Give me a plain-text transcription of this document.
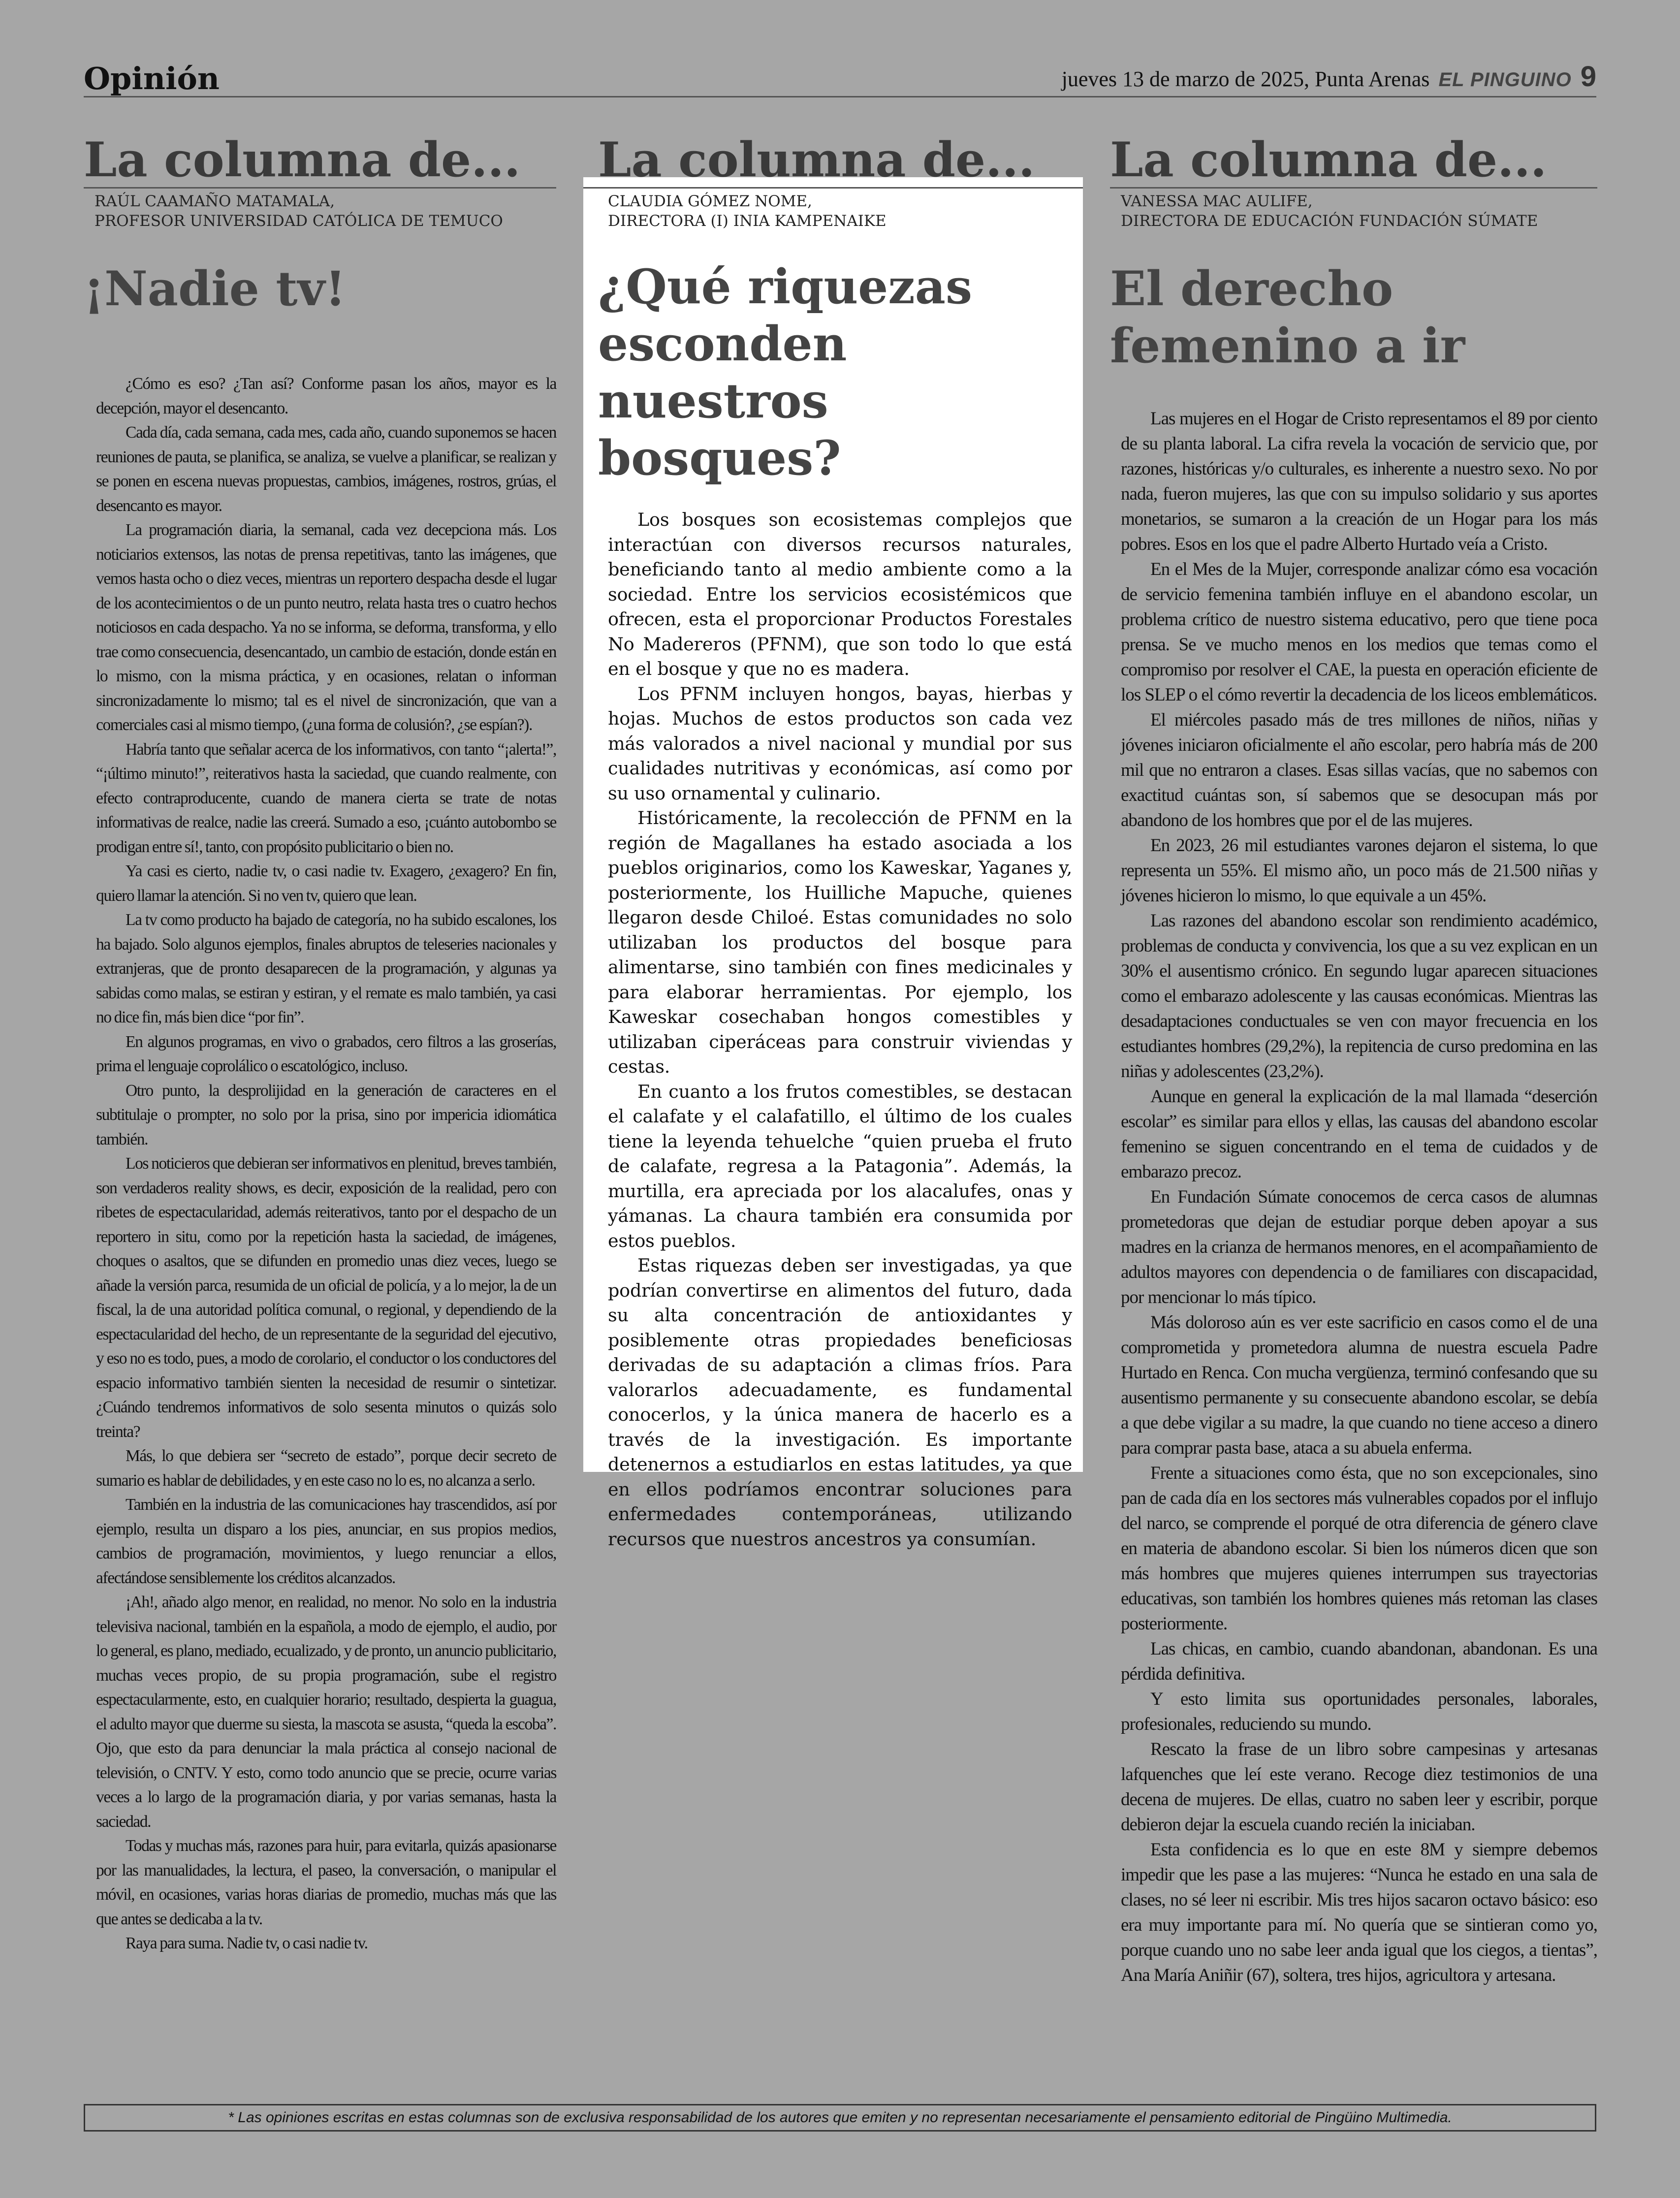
Opinión	jueves 13 de marzo de 2025, Punta Arenas EL PINGUINO 9
La columna de...
RAÚL CAAMAÑO MATAMALA,
PROFESOR UNIVERSIDAD CATÓLICA DE TEMUCO
¡Nadie tv!

¿Cómo es eso? ¿Tan así? Conforme pasan los años, mayor es la decepción, mayor el desencanto.

Cada día, cada semana, cada mes, cada año, cuando suponemos se hacen reuniones de pauta, se planifica, se analiza, se vuelve a planificar, se realizan y se ponen en escena nuevas propuestas, cambios, imágenes, rostros, grúas, el desencanto es mayor.

La programación diaria, la semanal, cada vez decepciona más. Los noticiarios extensos, las notas de prensa repetitivas, tanto las imágenes, que vemos hasta ocho o diez veces, mientras un reportero despacha desde el lugar de los acontecimientos o de un punto neutro, relata hasta tres o cuatro hechos noticiosos en cada despacho. Ya no se informa, se deforma, transforma, y ello trae como consecuencia, desencantado, un cambio de estación, donde están en lo mismo, con la misma práctica, y en ocasiones, relatan o informan sincronizadamente lo mismo; tal es el nivel de sincronización, que van a comerciales casi al mismo tiempo, (¿una forma de colusión?, ¿se espían?).

Habría tanto que señalar acerca de los informativos, con tanto “¡alerta!”, “¡último minuto!”, reiterativos hasta la saciedad, que cuando realmente, con efecto contraproducente, cuando de manera cierta se trate de notas informativas de realce, nadie las creerá. Sumado a eso, ¡cuánto autobombo se prodigan entre sí!, tanto, con propósito publicitario o bien no.

Ya casi es cierto, nadie tv, o casi nadie tv. Exagero, ¿exagero? En fin, quiero llamar la atención. Si no ven tv, quiero que lean.

La tv como producto ha bajado de categoría, no ha subido escalones, los ha bajado. Solo algunos ejemplos, finales abruptos de teleseries nacionales y extranjeras, que de pronto desaparecen de la programación, y algunas ya sabidas como malas, se estiran y estiran, y el remate es malo también, ya casi no dice fin, más bien dice “por fin”.

En algunos programas, en vivo o grabados, cero filtros a las groserías, prima el lenguaje coprolálico o escatológico, incluso.

Otro punto, la desprolijidad en la generación de caracteres en el subtitulaje o prompter, no solo por la prisa, sino por impericia idiomática también.

Los noticieros que debieran ser informativos en plenitud, breves también, son verdaderos reality shows, es decir, exposición de la realidad, pero con ribetes de espectacularidad, además reiterativos, tanto por el despacho de un reportero in situ, como por la repetición hasta la saciedad, de imágenes, choques o asaltos, que se difunden en promedio unas diez veces, luego se añade la versión parca, resumida de un oficial de policía, y a lo mejor, la de un fiscal, la de una autoridad política comunal, o regional, y dependiendo de la espectacularidad del hecho, de un representante de la seguridad del ejecutivo, y eso no es todo, pues, a modo de corolario, el conductor o los conductores del espacio informativo también sienten la necesidad de resumir o sintetizar. ¿Cuándo tendremos informativos de solo sesenta minutos o quizás solo treinta?

Más, lo que debiera ser “secreto de estado”, porque decir secreto de sumario es hablar de debilidades, y en este caso no lo es, no alcanza a serlo.

También en la industria de las comunicaciones hay trascendidos, así por ejemplo, resulta un disparo a los pies, anunciar, en sus propios medios, cambios de programación, movimientos, y luego renunciar a ellos, afectándose sensiblemente los créditos alcanzados.

¡Ah!, añado algo menor, en realidad, no menor. No solo en la industria televisiva nacional, también en la española, a modo de ejemplo, el audio, por lo general, es plano, mediado, ecualizado, y de pronto, un anuncio publicitario, muchas veces propio, de su propia programación, sube el registro espectacularmente, esto, en cualquier horario; resultado, despierta la guagua, el adulto mayor que duerme su siesta, la mascota se asusta, “queda la escoba”. Ojo, que esto da para denunciar la mala práctica al consejo nacional de televisión, o CNTV. Y esto, como todo anuncio que se precie, ocurre varias veces a lo largo de la programación diaria, y por varias semanas, hasta la saciedad.

Todas y muchas más, razones para huir, para evitarla, quizás apasionarse por las manualidades, la lectura, el paseo, la conversación, o manipular el móvil, en ocasiones, varias horas diarias de promedio, muchas más que las que antes se dedicaba a la tv.

Raya para suma. Nadie tv, o casi nadie tv.

La columna de...
CLAUDIA GÓMEZ NOME,
DIRECTORA (I) INIA KAMPENAIKE
¿Qué riquezas esconden nuestros bosques?

Los bosques son ecosistemas complejos que interactúan con diversos recursos naturales, beneficiando tanto al medio ambiente como a la sociedad. Entre los servicios ecosistémicos que ofrecen, esta el proporcionar Productos Forestales No Madereros (PFNM), que son todo lo que está en el bosque y que no es madera.

Los PFNM incluyen hongos, bayas, hierbas y hojas. Muchos de estos productos son cada vez más valorados a nivel nacional y mundial por sus cualidades nutritivas y económicas, así como por su uso ornamental y culinario.

Históricamente, la recolección de PFNM en la región de Magallanes ha estado asociada a los pueblos originarios, como los Kaweskar, Yaganes y, posteriormente, los Huilliche Mapuche, quienes llegaron desde Chiloé. Estas comunidades no solo utilizaban los productos del bosque para alimentarse, sino también con fines medicinales y para elaborar herramientas. Por ejemplo, los Kaweskar cosechaban hongos comestibles y utilizaban ciperáceas para construir viviendas y cestas.

En cuanto a los frutos comestibles, se destacan el calafate y el calafatillo, el último de los cuales tiene la leyenda tehuelche “quien prueba el fruto de calafate, regresa a la Patagonia”. Además, la murtilla, era apreciada por los alacalufes, onas y yámanas. La chaura también era consumida por estos pueblos.

Estas riquezas deben ser investigadas, ya que podrían convertirse en alimentos del futuro, dada su alta concentración de antioxidantes y posiblemente otras propiedades beneficiosas derivadas de su adaptación a climas fríos. Para valorarlos adecuadamente, es fundamental conocerlos, y la única manera de hacerlo es a través de la investigación. Es importante detenernos a estudiarlos en estas latitudes, ya que en ellos podríamos encontrar soluciones para enfermedades contemporáneas, utilizando recursos que nuestros ancestros ya consumían.

La columna de...
VANESSA MAC AULIFE,
DIRECTORA DE EDUCACIÓN FUNDACIÓN SÚMATE
El derecho femenino a ir

Las mujeres en el Hogar de Cristo representamos el 89 por ciento de su planta laboral. La cifra revela la vocación de servicio que, por razones, históricas y/o culturales, es inherente a nuestro sexo. No por nada, fueron mujeres, las que con su impulso solidario y sus aportes monetarios, se sumaron a la creación de un Hogar para los más pobres. Esos en los que el padre Alberto Hurtado veía a Cristo.

En el Mes de la Mujer, corresponde analizar cómo esa vocación de servicio femenina también influye en el abandono escolar, un problema crítico de nuestro sistema educativo, pero que tiene poca prensa. Se ve mucho menos en los medios que temas como el compromiso por resolver el CAE, la puesta en operación eficiente de los SLEP o el cómo revertir la decadencia de los liceos emblemáticos.

El miércoles pasado más de tres millones de niños, niñas y jóvenes iniciaron oficialmente el año escolar, pero habría más de 200 mil que no entraron a clases. Esas sillas vacías, que no sabemos con exactitud cuántas son, sí sabemos que se desocupan más por abandono de los hombres que por el de las mujeres.

En 2023, 26 mil estudiantes varones dejaron el sistema, lo que representa un 55%. El mismo año, un poco más de 21.500 niñas y jóvenes hicieron lo mismo, lo que equivale a un 45%.

Las razones del abandono escolar son rendimiento académico, problemas de conducta y convivencia, los que a su vez explican en un 30% el ausentismo crónico. En segundo lugar aparecen situaciones como el embarazo adolescente y las causas económicas. Mientras las desadaptaciones conductuales se ven con mayor frecuencia en los estudiantes hombres (29,2%), la repitencia de curso predomina en las niñas y adolescentes (23,2%).

Aunque en general la explicación de la mal llamada “deserción escolar” es similar para ellos y ellas, las causas del abandono escolar femenino se siguen concentrando en el tema de cuidados y de embarazo precoz.

En Fundación Súmate conocemos de cerca casos de alumnas prometedoras que dejan de estudiar porque deben apoyar a sus madres en la crianza de hermanos menores, en el acompañamiento de adultos mayores con dependencia o de familiares con discapacidad, por mencionar lo más típico.

Más doloroso aún es ver este sacrificio en casos como el de una comprometida y prometedora alumna de nuestra escuela Padre Hurtado en Renca. Con mucha vergüenza, terminó confesando que su ausentismo permanente y su consecuente abandono escolar, se debía a que debe vigilar a su madre, la que cuando no tiene acceso a dinero para comprar pasta base, ataca a su abuela enferma.

Frente a situaciones como ésta, que no son excepcionales, sino pan de cada día en los sectores más vulnerables copados por el influjo del narco, se comprende el porqué de otra diferencia de género clave en materia de abandono escolar. Si bien los números dicen que son más hombres que mujeres quienes interrumpen sus trayectorias educativas, son también los hombres quienes más retoman las clases posteriormente.

Las chicas, en cambio, cuando abandonan, abandonan. Es una pérdida definitiva.

Y esto limita sus oportunidades personales, laborales, profesionales, reduciendo su mundo.

Rescato la frase de un libro sobre campesinas y artesanas lafquenches que leí este verano. Recoge diez testimonios de una decena de mujeres. De ellas, cuatro no saben leer y escribir, porque debieron dejar la escuela cuando recién la iniciaban.

Esta confidencia es lo que en este 8M y siempre debemos impedir que les pase a las mujeres: “Nunca he estado en una sala de clases, no sé leer ni escribir. Mis tres hijos sacaron octavo básico: eso era muy importante para mí. No quería que se sintieran como yo, porque cuando uno no sabe leer anda igual que los ciegos, a tientas”, Ana María Aniñir (67), soltera, tres hijos, agricultora y artesana.

* Las opiniones escritas en estas columnas son de exclusiva responsabilidad de los autores que emiten y no representan necesariamente el pensamiento editorial de Pingüino Multimedia.
